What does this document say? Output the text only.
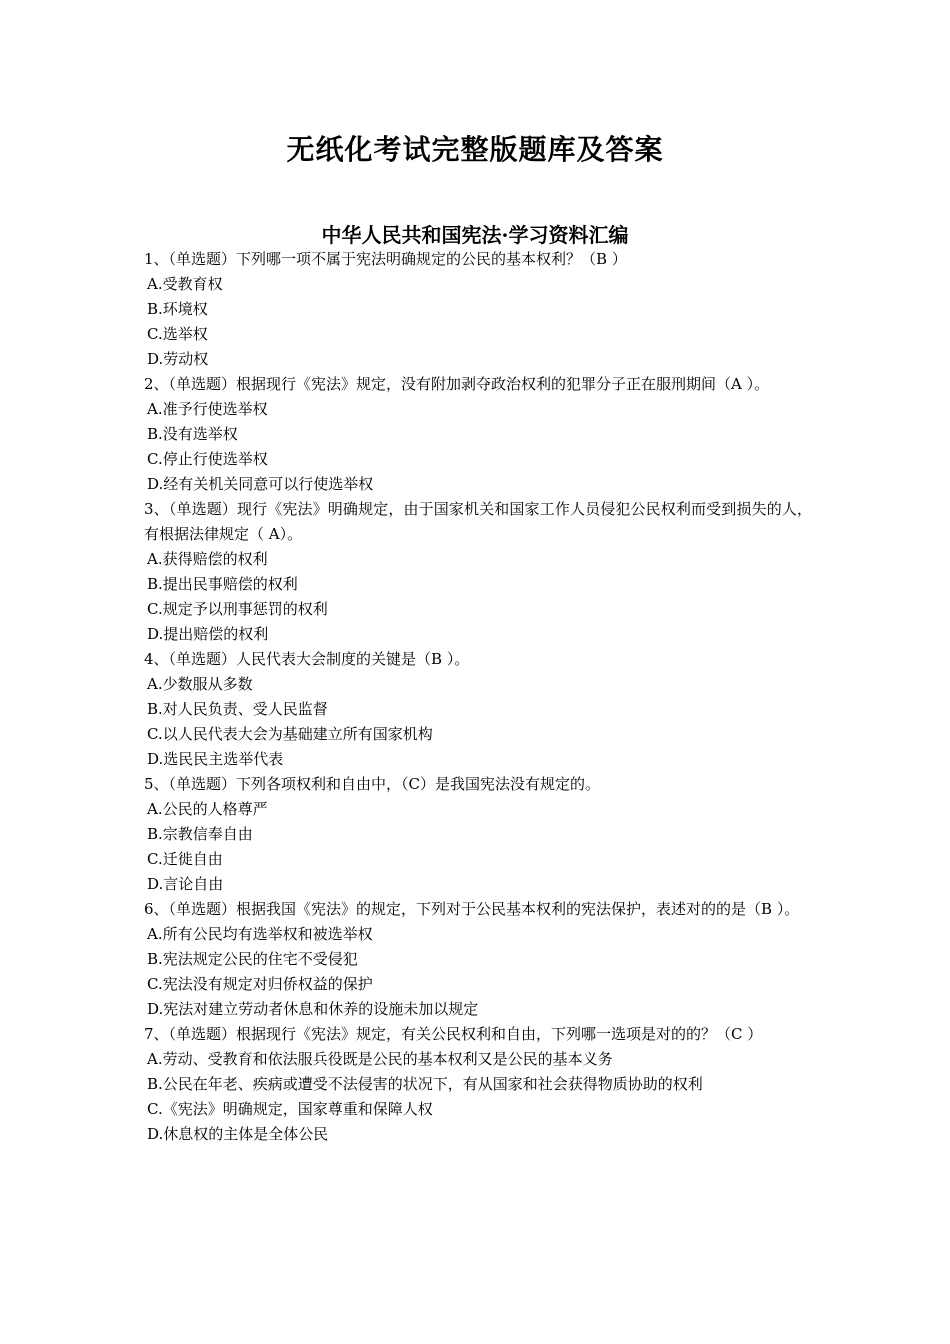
无纸化考试完整版题库及答案
中华人民共和国宪法·学习资料汇编

1、（单选题）下列哪一项不属于宪法明确规定的公民的基本权利？（B ）

A.受教育权

B.环境权

C.选举权

D.劳动权

2、（单选题）根据现行《宪法》规定，没有附加剥夺政治权利的犯罪分子正在服刑期间（A ）。

A.准予行使选举权

B.没有选举权

C.停止行使选举权

D.经有关机关同意可以行使选举权

3、（单选题）现行《宪法》明确规定，由于国家机关和国家工作人员侵犯公民权利而受到损失的人，有根据法律规定（ A）。

A.获得赔偿的权利

B.提出民事赔偿的权利

C.规定予以刑事惩罚的权利

D.提出赔偿的权利

4、（单选题）人民代表大会制度的关键是（B ）。

A.少数服从多数

B.对人民负责、受人民监督

C.以人民代表大会为基础建立所有国家机构

D.选民民主选举代表

5、（单选题）下列各项权利和自由中，（C）是我国宪法没有规定的。

A.公民的人格尊严

B.宗教信奉自由

C.迁徙自由

D.言论自由

6、（单选题）根据我国《宪法》的规定，下列对于公民基本权利的宪法保护，表述对的的是（B ）。

A.所有公民均有选举权和被选举权

B.宪法规定公民的住宅不受侵犯

C.宪法没有规定对归侨权益的保护

D.宪法对建立劳动者休息和休养的设施未加以规定

7、（单选题）根据现行《宪法》规定，有关公民权利和自由，下列哪一选项是对的的？（C ）

A.劳动、受教育和依法服兵役既是公民的基本权利又是公民的基本义务

B.公民在年老、疾病或遭受不法侵害的状况下，有从国家和社会获得物质协助的权利

C.《宪法》明确规定，国家尊重和保障人权

D.休息权的主体是全体公民
